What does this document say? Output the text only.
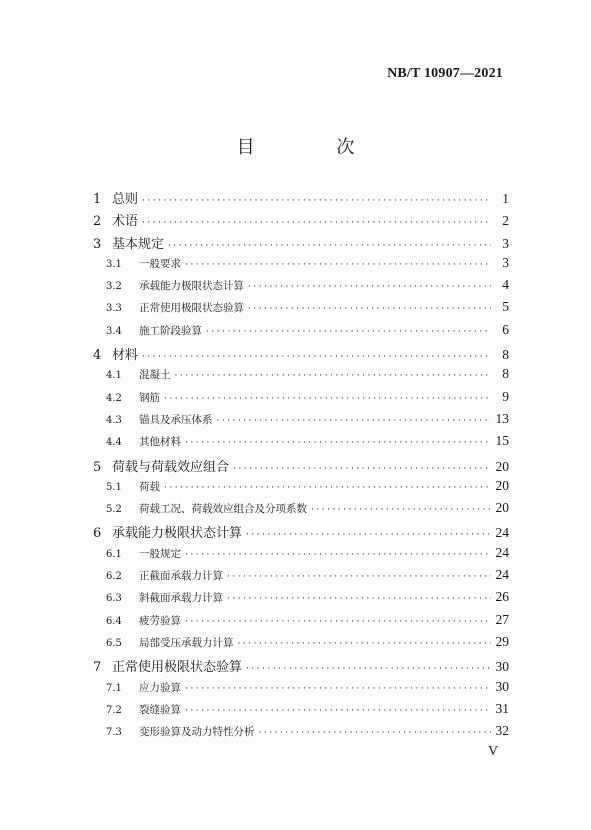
NB/T 10907—2021
目 次
1 总则 ·····	1
2 术语 ·····	2
3 基本规定 ·····	3
3.1	一般要求 ·····	3
3.2	承载能力极限状态计算 ·····	4
3.3	正常使用极限状态验算 ·····	5
3.4	施工阶段验算 ·····	6
4 材料 ·····	8
4.1	混凝土 ·····	8
4.2	钢筋 ·····	9
4.3	锚具及承压体系 ·····	13
4.4	其他材料 ·····	15
5 荷载与荷载效应组合 ·····	20
5.1	荷载 ·····	20
5.2	荷载工况、荷载效应组合及分项系数 ·····	20
6 承载能力极限状态计算 ·····	24
6.1	一般规定 ·····	24
6.2	正截面承载力计算 ·····	24
6.3	斜截面承载力计算 ·····	26
6.4	疲劳验算 ·····	27
6.5	局部受压承载力计算 ·····	29
7 正常使用极限状态验算 ·····	30
7.1	应力验算 ·····	30
7.2	裂缝验算 ·····	31
7.3	变形验算及动力特性分析 ·····	32
V
